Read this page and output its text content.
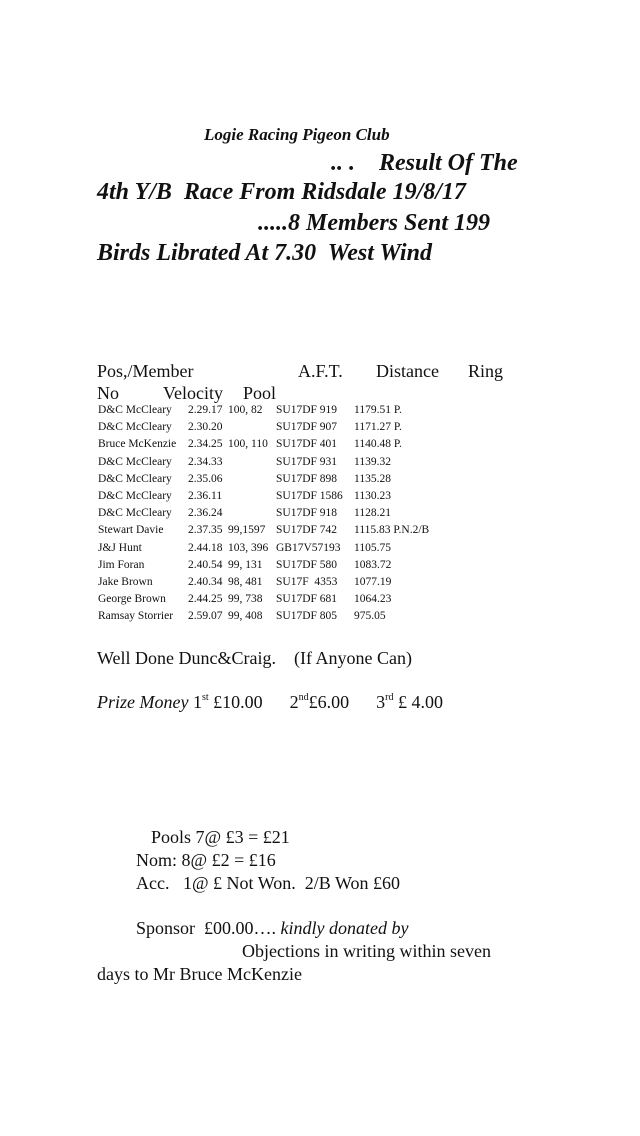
Logie Racing Pigeon Club
.. .    Result Of The
4th Y/B  Race From Ridsdale 19/8/17
.....8 Members Sent 199
Birds Librated At 7.30  West Wind
Pos,/Member	A.F.T. Distance Ring
No Velocity Pool
D&C McCleary 2.29.17 100, 82 SU17DF 919 1179.51 P.
D&C McCleary 2.30.20	SU17DF 907 1171.27 P.
Bruce McKenzie 2.34.25 100, 110 SU17DF 401 1140.48 P.
D&C McCleary 2.34.33	SU17DF 931 1139.32
D&C McCleary 2.35.06	SU17DF 898 1135.28
D&C McCleary 2.36.11	SU17DF 1586 1130.23
D&C McCleary 2.36.24	SU17DF 918 1128.21
Stewart Davie 2.37.35 99,1597 SU17DF 742 1115.83 P.N.2/B
J&J Hunt	2.44.18 103, 396 GB17V57193 1105.75
Jim Foran	2.40.54 99, 131 SU17DF 580 1083.72
Jake Brown	2.40.34 98, 481 SU17F  4353 1077.19
George Brown 2.44.25 99, 738 SU17DF 681 1064.23
Ramsay Storrier 2.59.07 99, 408 SU17DF 805 975.05
Well Done Dunc&Craig.    (If Anyone Can)
Prize Money 1st £10.00 2nd£6.00 3rd £ 4.00
Pools 7@ £3 = £21
Nom: 8@ £2 = £16
Acc.   1@ £ Not Won.  2/B Won £60
Sponsor  £00.00…. kindly donated by
Objections in writing within seven
days to Mr Bruce McKenzie
